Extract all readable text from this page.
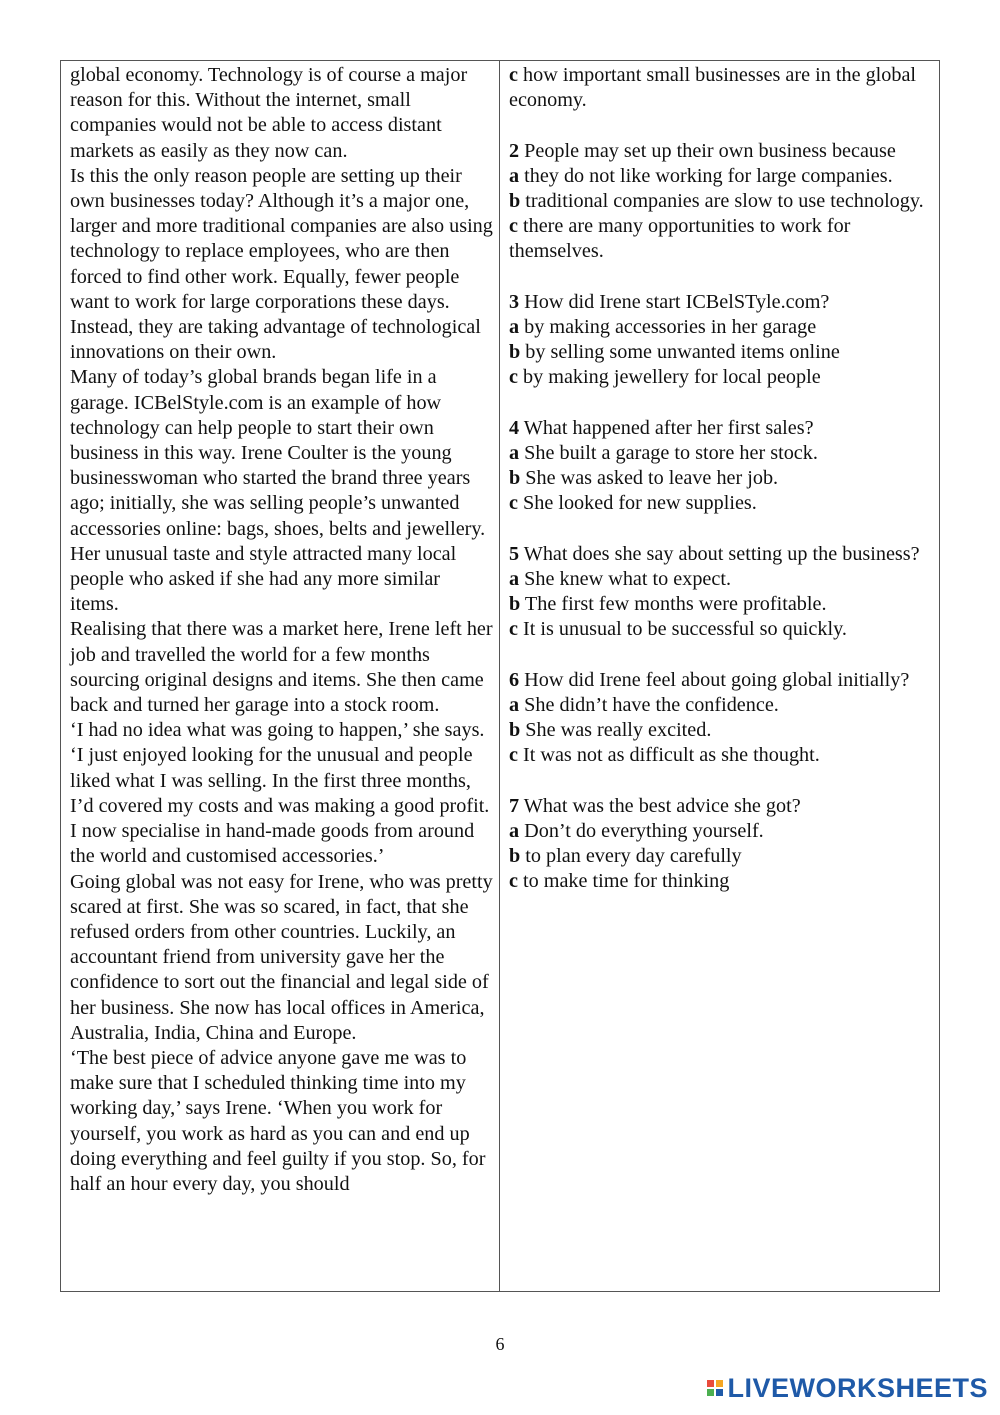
global economy. Technology is of course a major reason for this. Without the internet, small companies would not be able to access distant markets as easily as they now can.

Is this the only reason people are setting up their own businesses today? Although it’s a major one, larger and more traditional companies are also using technology to replace employees, who are then forced to find other work. Equally, fewer people want to work for large corporations these days. Instead, they are taking advantage of technological innovations on their own.

Many of today’s global brands began life in a garage. ICBelStyle.com is an example of how technology can help people to start their own business in this way. Irene Coulter is the young businesswoman who started the brand three years ago; initially, she was selling people’s unwanted accessories online: bags, shoes, belts and jewellery. Her unusual taste and style attracted many local people who asked if she had any more similar items.

Realising that there was a market here, Irene left her job and travelled the world for a few months sourcing original designs and items. She then came back and turned her garage into a stock room.

‘I had no idea what was going to happen,’ she says. ‘I just enjoyed looking for the unusual and people liked what I was selling. In the first three months, I’d covered my costs and was making a good profit. I now specialise in hand-made goods from around the world and customised accessories.’

Going global was not easy for Irene, who was pretty scared at first. She was so scared, in fact, that she refused orders from other countries. Luckily, an accountant friend from university gave her the confidence to sort out the financial and legal side of her business. She now has local offices in America, Australia, India, China and Europe.

‘The best piece of advice anyone gave me was to make sure that I scheduled thinking time into my working day,’ says Irene. ‘When you work for yourself, you work as hard as you can and end up doing everything and feel guilty if you stop. So, for half an hour every day, you should

c how important small businesses are in the global economy.

2 People may set up their own business because

a they do not like working for large companies.

b traditional companies are slow to use technology.

c there are many opportunities to work for themselves.

3 How did Irene start ICBelSTyle.com?

a by making accessories in her garage

b by selling some unwanted items online

c by making jewellery for local people

4 What happened after her first sales?

a She built a garage to store her stock.

b She was asked to leave her job.

c She looked for new supplies.

5 What does she say about setting up the business?

a She knew what to expect.

b The first few months were profitable.

c It is unusual to be successful so quickly.

6 How did Irene feel about going global initially?

a She didn’t have the confidence.

b She was really excited.

c It was not as difficult as she thought.

7 What was the best advice she got?

a Don’t do everything yourself.

b to plan every day carefully

c to make time for thinking

6
LIVEWORKSHEETS
